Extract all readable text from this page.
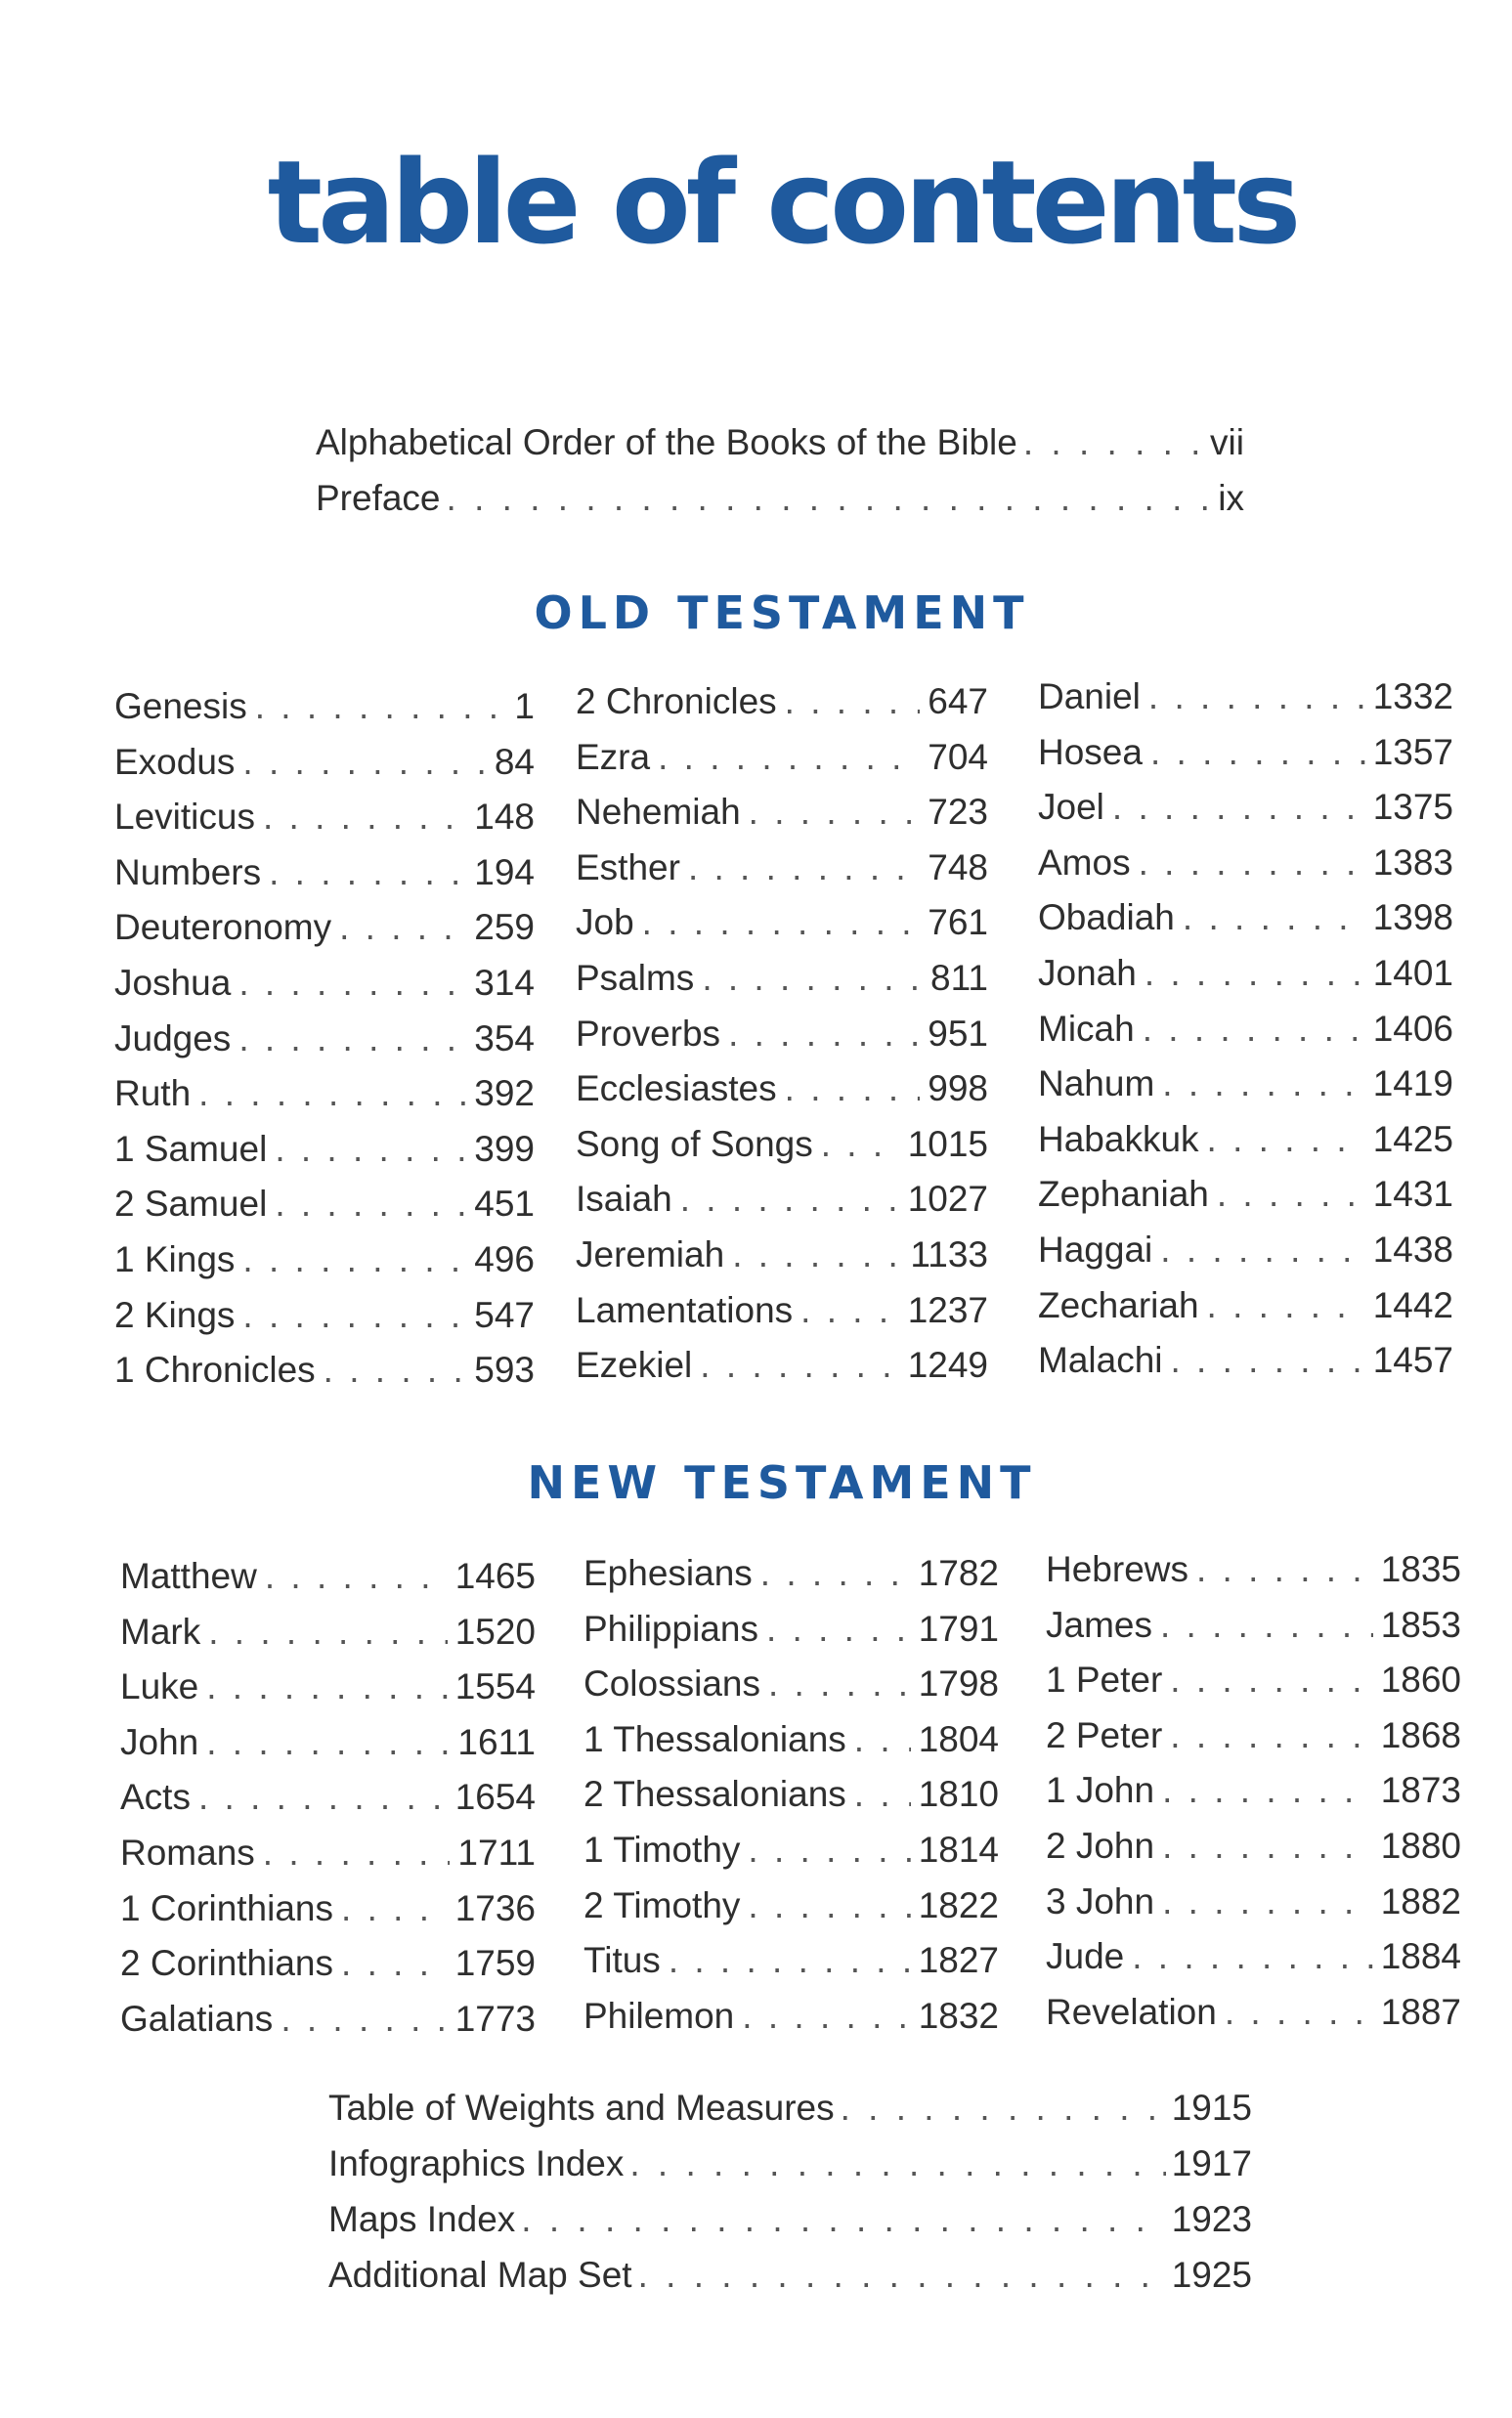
table of contents
Alphabetical Order of the Books of the Bible . . .	vii
Preface . . .	ix
OLD TESTAMENT
Genesis . . .	1
Exodus . . .	84
Leviticus . . .	148
Numbers . . .	194
Deuteronomy . . .	259
Joshua . . .	314
Judges . . .	354
Ruth . . .	392
1 Samuel . . .	399
2 Samuel . . .	451
1 Kings . . .	496
2 Kings . . .	547
1 Chronicles . . .	593
2 Chronicles . . .	647
Ezra . . .	704
Nehemiah . . .	723
Esther . . .	748
Job . . .	761
Psalms . . .	811
Proverbs . . .	951
Ecclesiastes . . .	998
Song of Songs . . .	1015
Isaiah . . .	1027
Jeremiah . . .	1133
Lamentations . . .	1237
Ezekiel . . .	1249
Daniel . . .	1332
Hosea . . .	1357
Joel . . .	1375
Amos . . .	1383
Obadiah . . .	1398
Jonah . . .	1401
Micah . . .	1406
Nahum . . .	1419
Habakkuk . . .	1425
Zephaniah . . .	1431
Haggai . . .	1438
Zechariah . . .	1442
Malachi . . .	1457
NEW TESTAMENT
Matthew . . .	1465
Mark . . .	1520
Luke . . .	1554
John . . .	1611
Acts . . .	1654
Romans . . .	1711
1 Corinthians . . .	1736
2 Corinthians . . .	1759
Galatians . . .	1773
Ephesians . . .	1782
Philippians . . .	1791
Colossians . . .	1798
1 Thessalonians . . . 1804
2 Thessalonians . . . 1810
1 Timothy . . .	1814
2 Timothy . . .	1822
Titus . . .	1827
Philemon . . .	1832
Hebrews . . .	1835
James . . .	1853
1 Peter . . .	1860
2 Peter . . .	1868
1 John . . .	1873
2 John . . .	1880
3 John . . .	1882
Jude . . .	1884
Revelation . . .	1887
Table of Weights and Measures . . .	1915
Infographics Index . . .	1917
Maps Index . . .	1923
Additional Map Set . . .	1925
